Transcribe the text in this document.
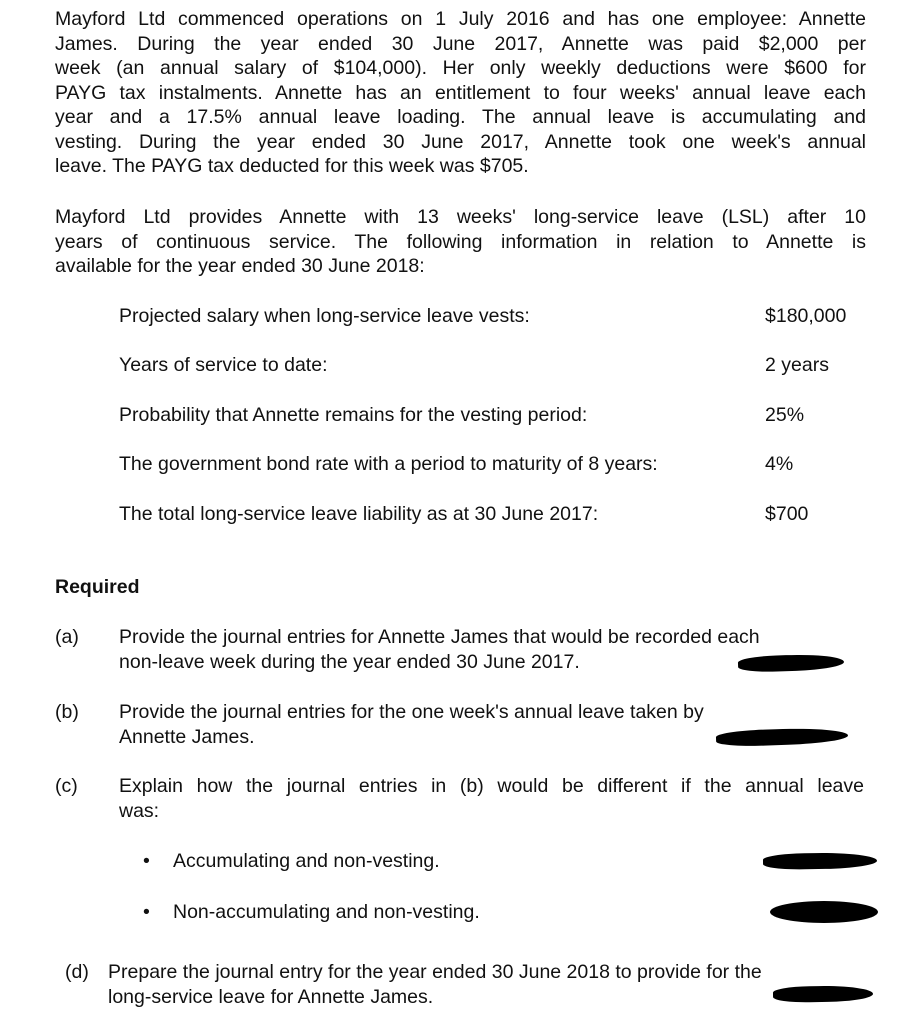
Mayford Ltd commenced operations on 1 July 2016 and has one employee: Annette
James. During the year ended 30 June 2017, Annette was paid $2,000 per
week (an annual salary of $104,000). Her only weekly deductions were $600 for
PAYG tax instalments. Annette has an entitlement to four weeks' annual leave each
year and a 17.5% annual leave loading. The annual leave is accumulating and
vesting. During the year ended 30 June 2017, Annette took one week's annual
leave. The PAYG tax deducted for this week was $705.
Mayford Ltd provides Annette with 13 weeks' long-service leave (LSL) after 10
years of continuous service. The following information in relation to Annette is
available for the year ended 30 June 2018:
Projected salary when long-service leave vests:	$180,000
Years of service to date:	2 years
Probability that Annette remains for the vesting period:	25%
The government bond rate with a period to maturity of 8 years:	4%
The total long-service leave liability as at 30 June 2017:	$700
Required
(a) Provide the journal entries for Annette James that would be recorded each
non-leave week during the year ended 30 June 2017.
(b) Provide the journal entries for the one week's annual leave taken by
Annette James.
(c) Explain how the journal entries in (b) would be different if the annual leave
was:
• Accumulating and non-vesting.
• Non-accumulating and non-vesting.
(d) Prepare the journal entry for the year ended 30 June 2018 to provide for the
long-service leave for Annette James.
